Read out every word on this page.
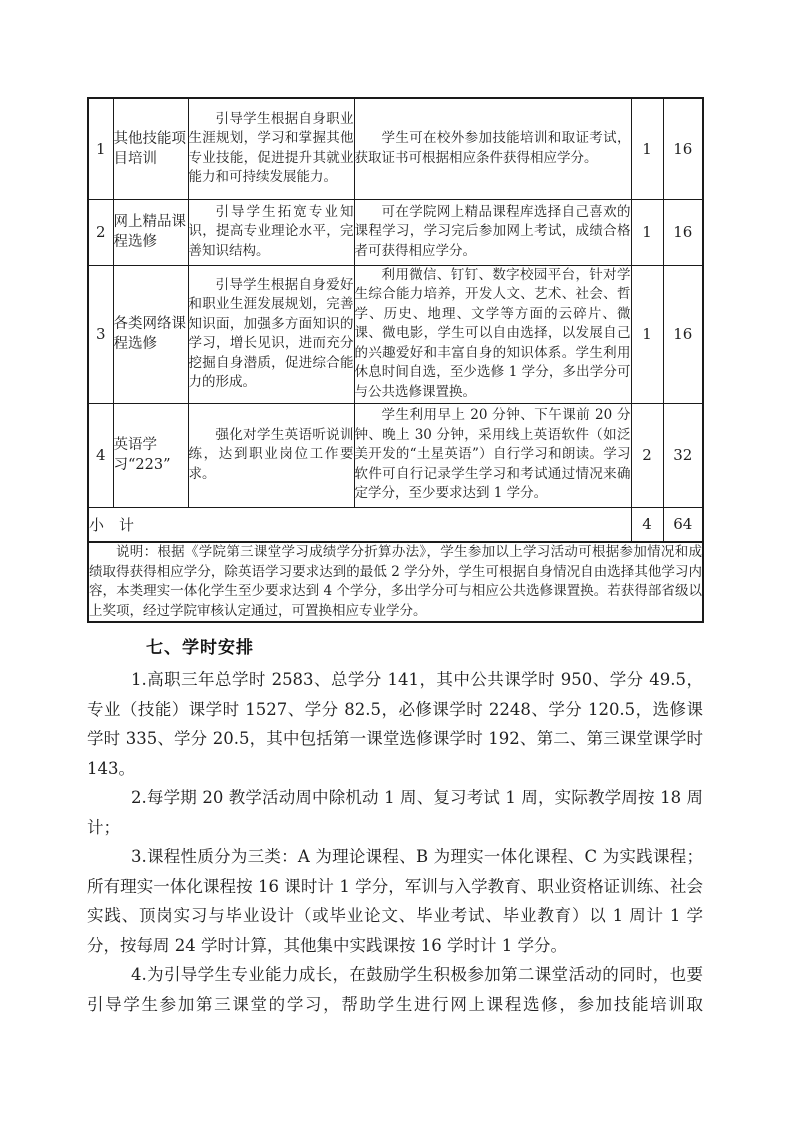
1	其他技能项目培训	引导学生根据自身职业生涯规划，学习和掌握其他专业技能，促进提升其就业能力和可持续发展能力。	学生可在校外参加技能培训和取证考试，获取证书可根据相应条件获得相应学分。	1	16
2	网上精品课程选修	引导学生拓宽专业知识，提高专业理论水平，完善知识结构。	可在学院网上精品课程库选择自己喜欢的课程学习，学习完后参加网上考试，成绩合格者可获得相应学分。	1	16
3	各类网络课程选修	引导学生根据自身爱好和职业生涯发展规划，完善知识面，加强多方面知识的学习，增长见识，进而充分挖掘自身潜质，促进综合能力的形成。	利用微信、钉钉、数字校园平台，针对学生综合能力培养，开发人文、艺术、社会、哲学、历史、地理、文学等方面的云碎片、微课、微电影，学生可以自由选择，以发展自己的兴趣爱好和丰富自身的知识体系。学生利用休息时间自选，至少选修 1 学分，多出学分可与公共选修课置换。	1	16
4	英语学习“223”	强化对学生英语听说训练，达到职业岗位工作要求。	学生利用早上 20 分钟、下午课前 20 分钟、晚上 30 分钟，采用线上英语软件（如泛美开发的“土星英语”）自行学习和朗读。学习软件可自行记录学生学习和考试通过情况来确定学分，至少要求达到 1 学分。	2	32
小　计				4	64
说明：根据《学院第三课堂学习成绩学分折算办法》，学生参加以上学习活动可根据参加情况和成绩取得获得相应学分，除英语学习要求达到的最低 2 学分外，学生可根据自身情况自由选择其他学习内容，本类理实一体化学生至少要求达到 4 个学分，多出学分可与相应公共选修课置换。若获得部省级以上奖项，经过学院审核认定通过，可置换相应专业学分。					
七、学时安排

1.高职三年总学时 2583、总学分 141，其中公共课学时 950、学分 49.5，专业（技能）课学时 1527、学分 82.5，必修课学时 2248、学分 120.5，选修课学时 335、学分 20.5，其中包括第一课堂选修课学时 192、第二、第三课堂课学时 143。

2.每学期 20 教学活动周中除机动 1 周、复习考试 1 周，实际教学周按 18 周计；

3.课程性质分为三类：A 为理论课程、B 为理实一体化课程、C 为实践课程；所有理实一体化课程按 16 课时计 1 学分，军训与入学教育、职业资格证训练、社会实践、顶岗实习与毕业设计（或毕业论文、毕业考试、毕业教育）以 1 周计 1 学分，按每周 24 学时计算，其他集中实践课按 16 学时计 1 学分。

4.为引导学生专业能力成长，在鼓励学生积极参加第二课堂活动的同时，也要引导学生参加第三课堂的学习，帮助学生进行网上课程选修，参加技能培训取
